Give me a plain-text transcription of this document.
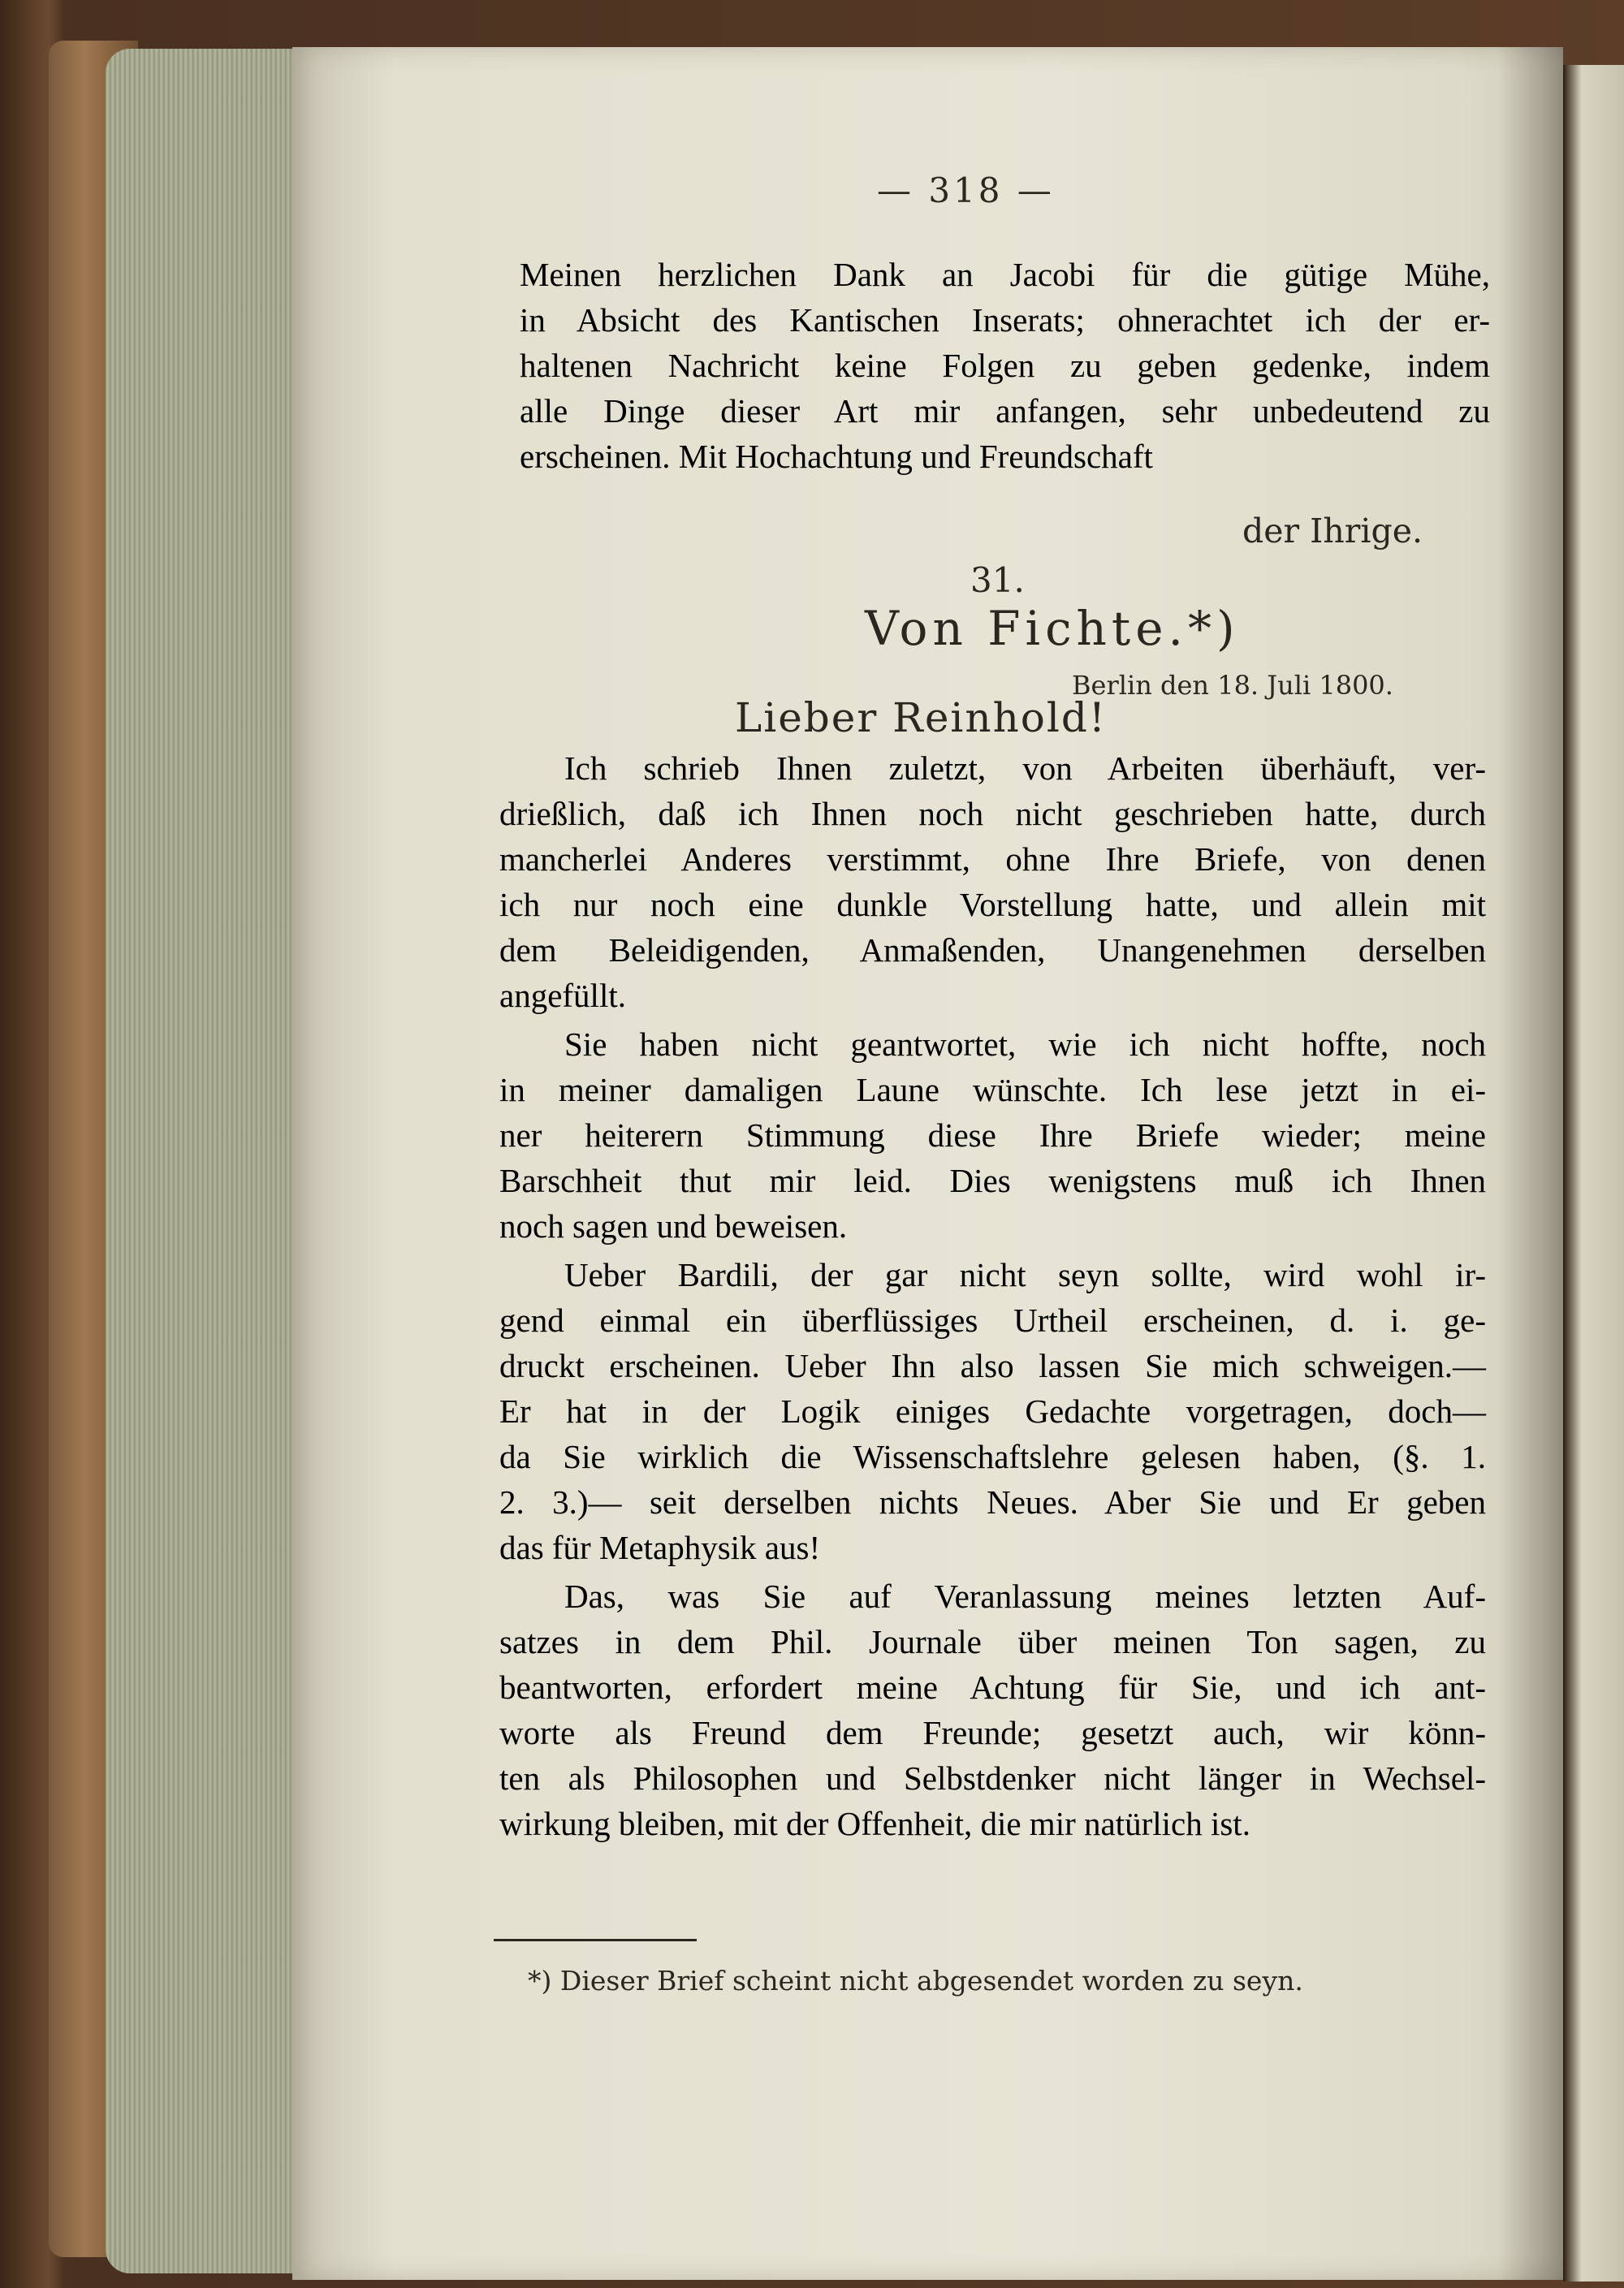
— 318 —
Meinen herzlichen Dank an Jacobi für die gütige Mühe,
in Absicht des Kantischen Inserats; ohnerachtet ich der er-
haltenen Nachricht keine Folgen zu geben gedenke, indem
alle Dinge dieser Art mir anfangen, sehr unbedeutend zu
erscheinen. Mit Hochachtung und Freundschaft
der Ihrige.
31.
Von Fichte.*)
Berlin den 18. Juli 1800.
Lieber Reinhold!
Ich schrieb Ihnen zuletzt, von Arbeiten überhäuft, ver-
drießlich, daß ich Ihnen noch nicht geschrieben hatte, durch
mancherlei Anderes verstimmt, ohne Ihre Briefe, von denen
ich nur noch eine dunkle Vorstellung hatte, und allein mit
dem Beleidigenden, Anmaßenden, Unangenehmen derselben
angefüllt.
Sie haben nicht geantwortet, wie ich nicht hoffte, noch
in meiner damaligen Laune wünschte. Ich lese jetzt in ei-
ner heiterern Stimmung diese Ihre Briefe wieder; meine
Barschheit thut mir leid. Dies wenigstens muß ich Ihnen
noch sagen und beweisen.
Ueber Bardili, der gar nicht seyn sollte, wird wohl ir-
gend einmal ein überflüssiges Urtheil erscheinen, d. i. ge-
druckt erscheinen. Ueber Ihn also lassen Sie mich schweigen.—
Er hat in der Logik einiges Gedachte vorgetragen, doch—
da Sie wirklich die Wissenschaftslehre gelesen haben, (§. 1.
2. 3.)— seit derselben nichts Neues. Aber Sie und Er geben
das für Metaphysik aus!
Das, was Sie auf Veranlassung meines letzten Auf-
satzes in dem Phil. Journale über meinen Ton sagen, zu
beantworten, erfordert meine Achtung für Sie, und ich ant-
worte als Freund dem Freunde; gesetzt auch, wir könn-
ten als Philosophen und Selbstdenker nicht länger in Wechsel-
wirkung bleiben, mit der Offenheit, die mir natürlich ist.
*) Dieser Brief scheint nicht abgesendet worden zu seyn.
